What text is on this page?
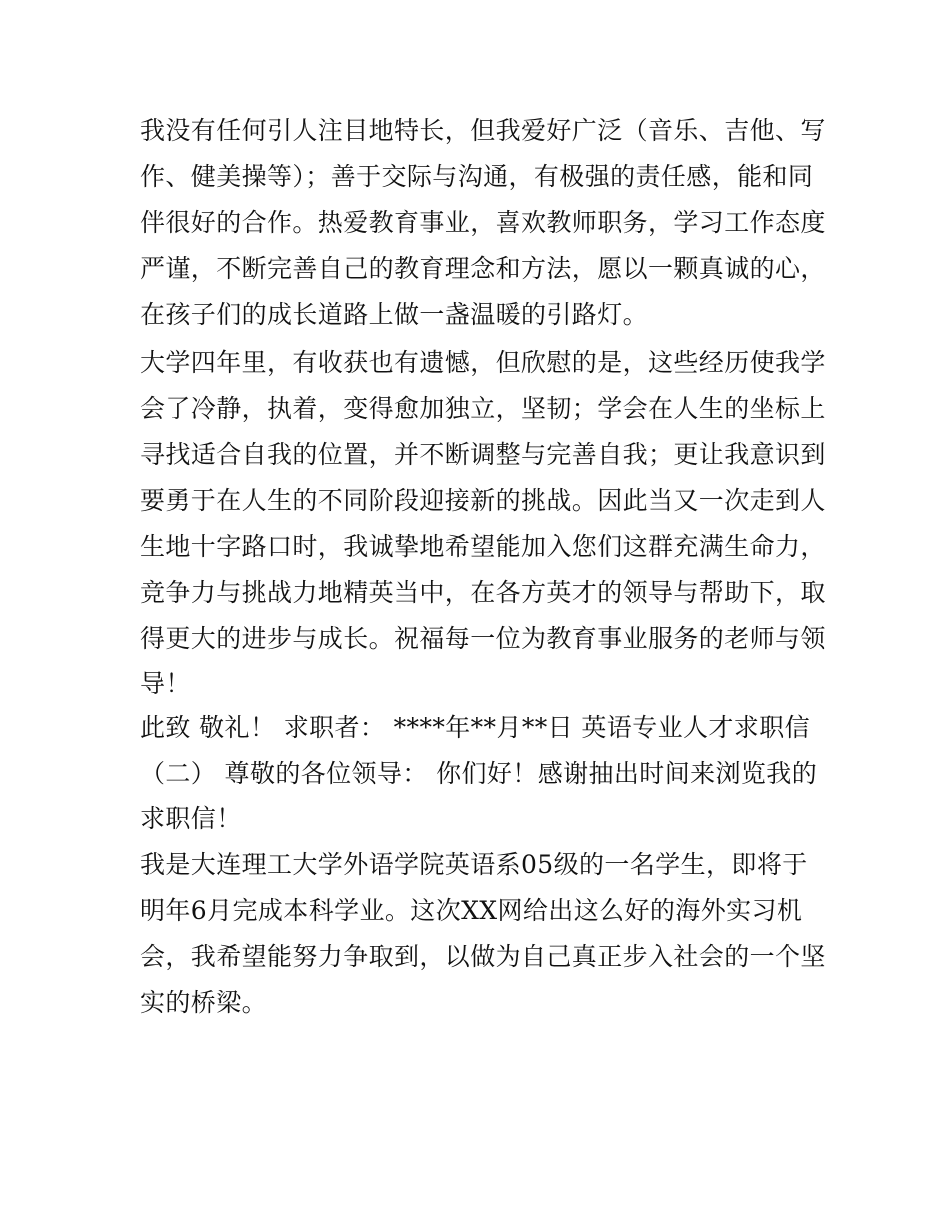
我没有任何引人注目地特长，但我爱好广泛（音乐、吉他、写
作、健美操等）；善于交际与沟通，有极强的责任感，能和同
伴很好的合作。热爱教育事业，喜欢教师职务，学习工作态度
严谨，不断完善自己的教育理念和方法，愿以一颗真诚的心，
在孩子们的成长道路上做一盏温暖的引路灯。
大学四年里，有收获也有遗憾，但欣慰的是，这些经历使我学
会了冷静，执着，变得愈加独立，坚韧；学会在人生的坐标上
寻找适合自我的位置，并不断调整与完善自我；更让我意识到
要勇于在人生的不同阶段迎接新的挑战。因此当又一次走到人
生地十字路口时，我诚挚地希望能加入您们这群充满生命力，
竞争力与挑战力地精英当中，在各方英才的领导与帮助下，取
得更大的进步与成长。祝福每一位为教育事业服务的老师与领
导！
此致 敬礼！ 求职者： ****年**月**日 英语专业人才求职信
（二） 尊敬的各位领导： 你们好！感谢抽出时间来浏览我的
求职信！
我是大连理工大学外语学院英语系05级的一名学生，即将于
明年6月完成本科学业。这次XX网给出这么好的海外实习机
会，我希望能努力争取到，以做为自己真正步入社会的一个坚
实的桥梁。
